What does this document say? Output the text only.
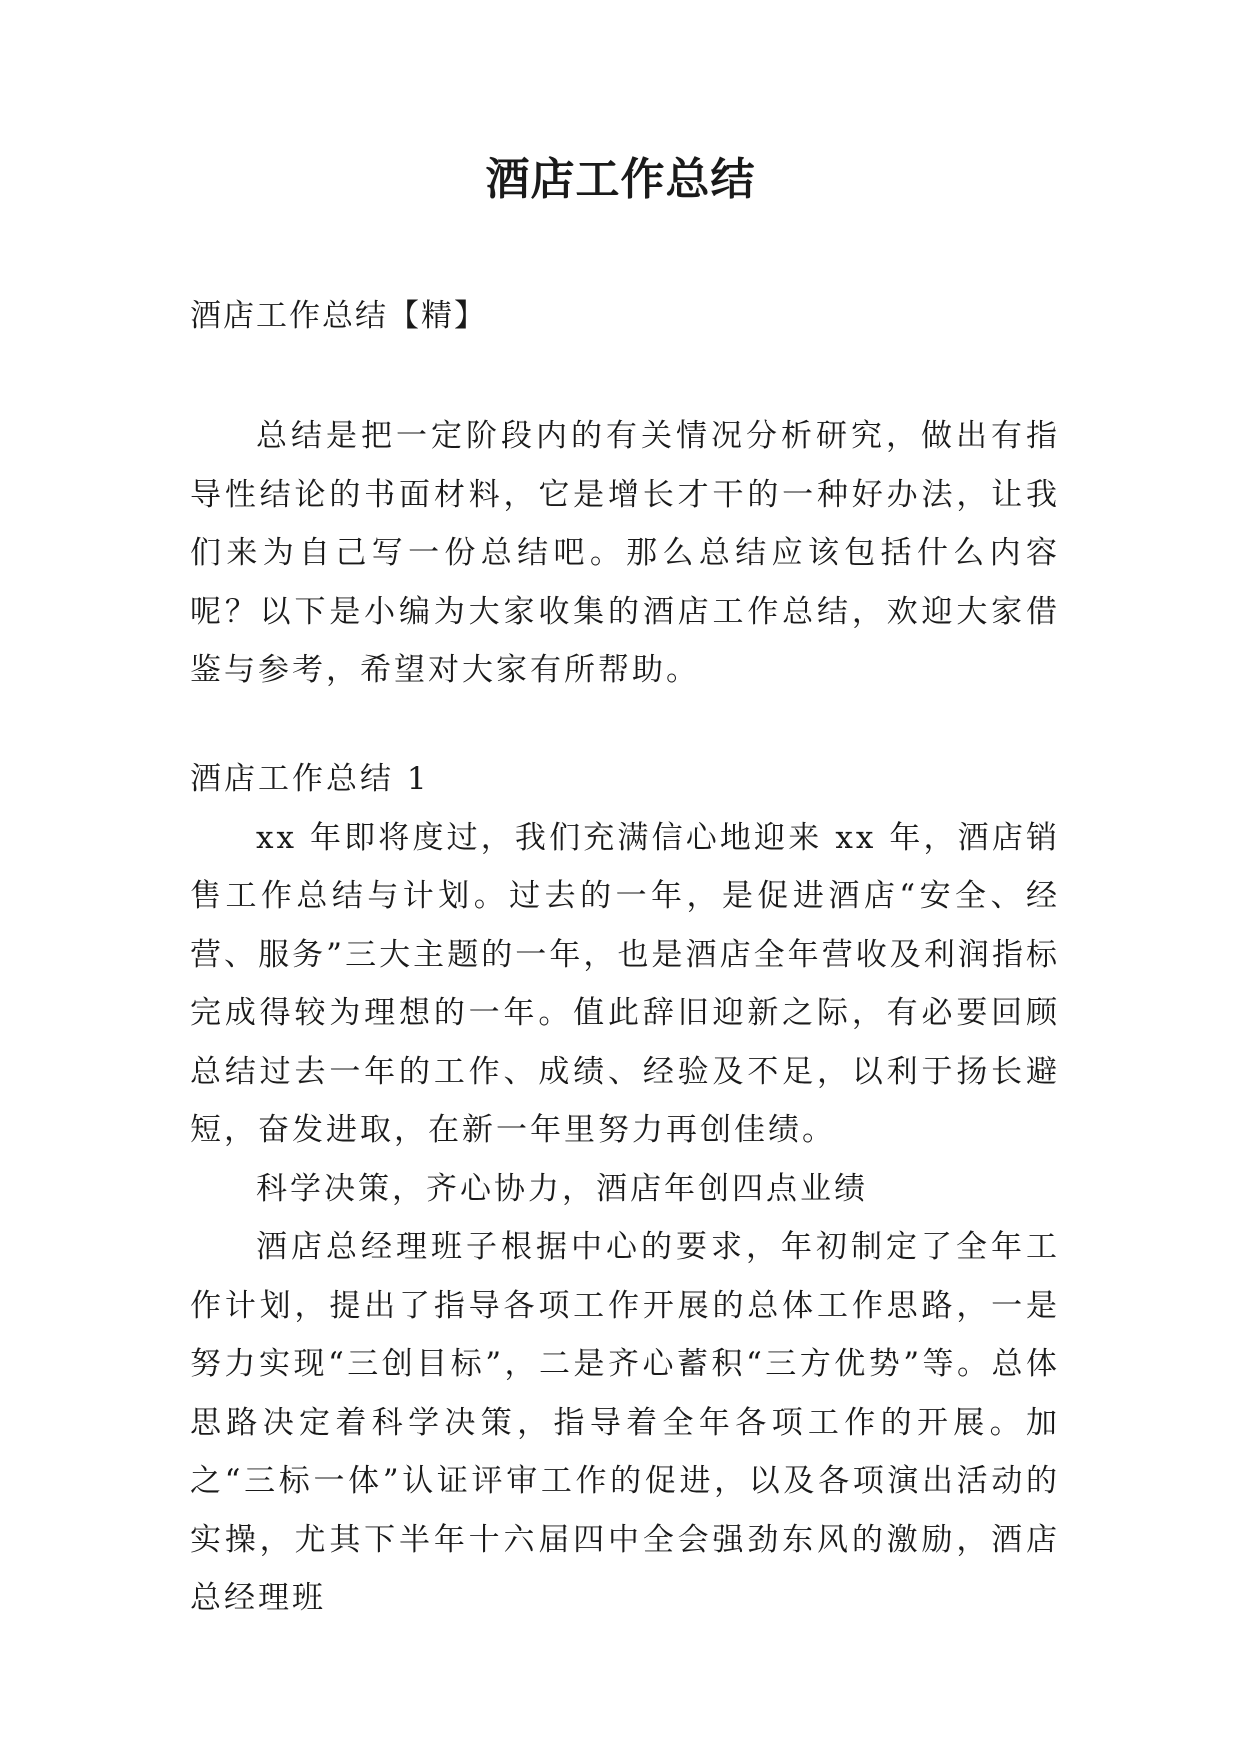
酒店工作总结
酒店工作总结【精】

总结是把一定阶段内的有关情况分析研究，做出有指导性结论的书面材料，它是增长才干的一种好办法，让我们来为自己写一份总结吧。那么总结应该包括什么内容呢？以下是小编为大家收集的酒店工作总结，欢迎大家借鉴与参考，希望对大家有所帮助。

酒店工作总结 1

xx 年即将度过，我们充满信心地迎来 xx 年，酒店销售工作总结与计划。过去的一年，是促进酒店“安全、经营、服务”三大主题的一年，也是酒店全年营收及利润指标完成得较为理想的一年。值此辞旧迎新之际，有必要回顾总结过去一年的工作、成绩、经验及不足，以利于扬长避短，奋发进取，在新一年里努力再创佳绩。

科学决策，齐心协力，酒店年创四点业绩

酒店总经理班子根据中心的要求，年初制定了全年工作计划，提出了指导各项工作开展的总体工作思路，一是努力实现“三创目标”，二是齐心蓄积“三方优势”等。总体思路决定着科学决策，指导着全年各项工作的开展。加之“三标一体”认证评审工作的促进，以及各项演出活动的实操，尤其下半年十六届四中全会强劲东风的激励，酒店总经理班
